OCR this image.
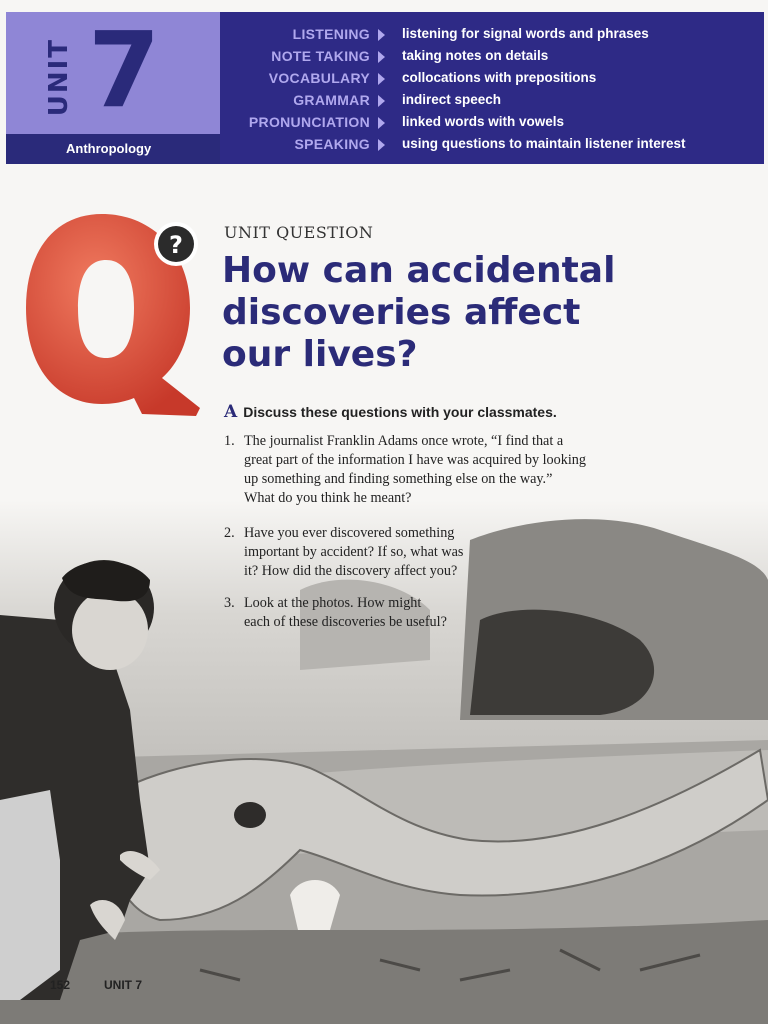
UNIT 7
Anthropology
LISTENING listening for signal words and phrases
NOTE TAKING taking notes on details
VOCABULARY collocations with prepositions
GRAMMAR indirect speech
PRONUNCIATION linked words with vowels
SPEAKING using questions to maintain listener interest
?	UNIT QUESTION
How can accidental
discoveries affect
our lives?
A Discuss these questions with your classmates.
1. The journalist Franklin Adams once wrote, “I find that a
great part of the information I have was acquired by looking
up something and finding something else on the way.”
What do you think he meant?
2. Have you ever discovered something
important by accident? If so, what was
it? How did the discovery affect you?
3. Look at the photos. How might
each of these discoveries be useful?
152	UNIT 7
